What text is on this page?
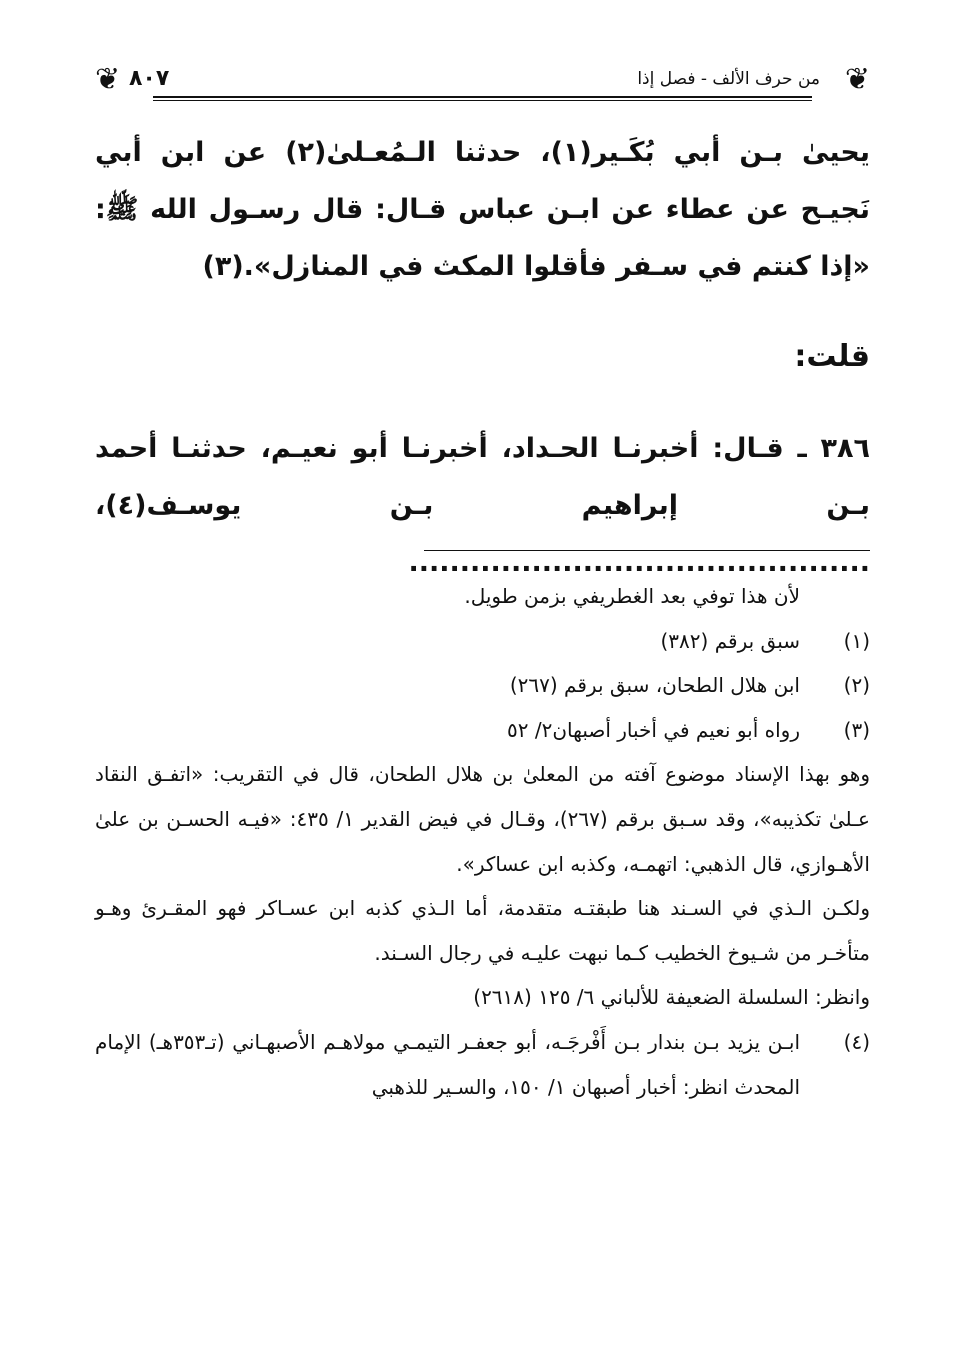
❦
من حرف الألف - فصل إذا
٨٠٧
❦

يحيىٰ بـن أبي بُكَـير⁨(١)⁩، حدثنا الـمُعـلىٰ⁨(٢)⁩ عن ابن أبي نَجيـح عن عطاء عن ابـن عباس قـال: قال رسـول الله ﷺ: «إذا كنتم في سـفر فأقلوا المكث في المنازل».⁨(٣)⁩

قلت:

٣٨٦ ـ قـال: أخبرنـا الحـداد، أخبرنـا أبو نعيـم، حدثنـا أحمد بـن إبراهيم بـن يوسـف⁨(٤)⁩، .............................................

لأن هذا توفي بعد الغطريفي بزمن طويل.

(١)
سبق برقم (٣٨٢)
(٢)
ابن هلال الطحان، سبق برقم (٢٦٧)
(٣)
رواه أبو نعيم في أخبار أصبهان٢/ ٥٢

وهو بهذا الإسناد موضوع آفته من المعلىٰ بن هلال الطحان، قال في التقريب: «اتفـق النقاد عـلىٰ تكذيبه»، وقد سـبق برقم (٢٦٧)، وقـال في فيض القدير ١/ ٤٣٥: «فيـه الحسـن بن علىٰ الأهـوازي، قال الذهبي: اتهمـه، وكذبه ابن عساكر».

ولكـن الـذي في السـند هنا طبقتـه متقدمة، أما الـذي كذبه ابن عسـاكر فهو المقـرئ وهـو متأخـر من شـيوخ الخطيب كـما نبهت عليـه في رجال السـند.

وانظر: السلسلة الضعيفة للألباني ٦/ ١٢٥ (٢٦١٨)

(٤)
ابـن يزيد بـن بندار بـن أَفْرجَـه، أبو جعفـر التيمـي مولاهـم الأصبهـاني (تـ٣٥٣هـ) الإمام المحدث انظر: أخبار أصبهان ١/ ١٥٠، والسـير للذهبي
